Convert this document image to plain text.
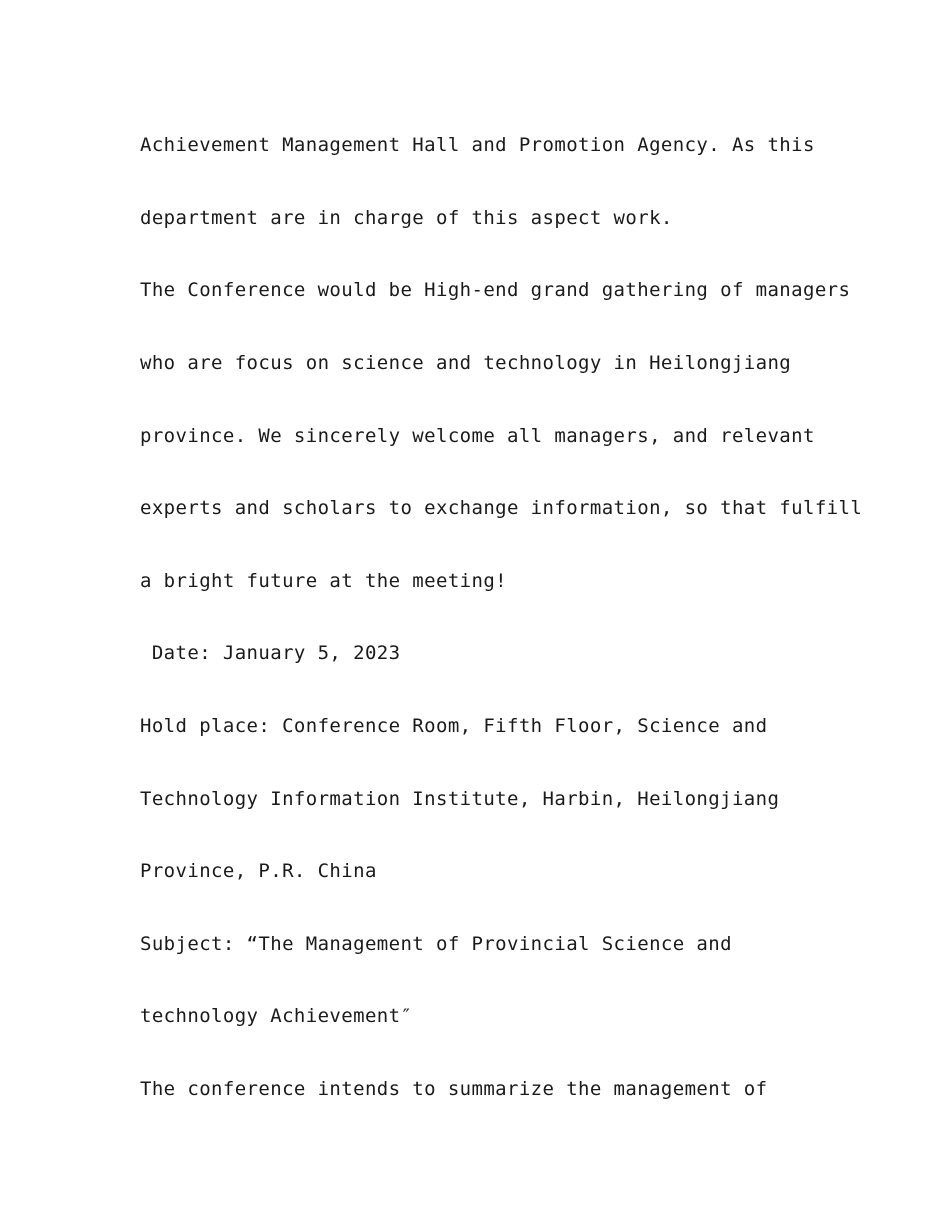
Achievement Management Hall and Promotion Agency. As this

department are in charge of this aspect work.

The Conference would be High-end grand gathering of managers

who are focus on science and technology in Heilongjiang

province. We sincerely welcome all managers, and relevant

experts and scholars to exchange information, so that fulfill

a bright future at the meeting!

Date: January 5, 2023

Hold place: Conference Room, Fifth Floor, Science and

Technology Information Institute, Harbin, Heilongjiang

Province, P.R. China

Subject: “The Management of Provincial Science and

technology Achievement″

The conference intends to summarize the management of
